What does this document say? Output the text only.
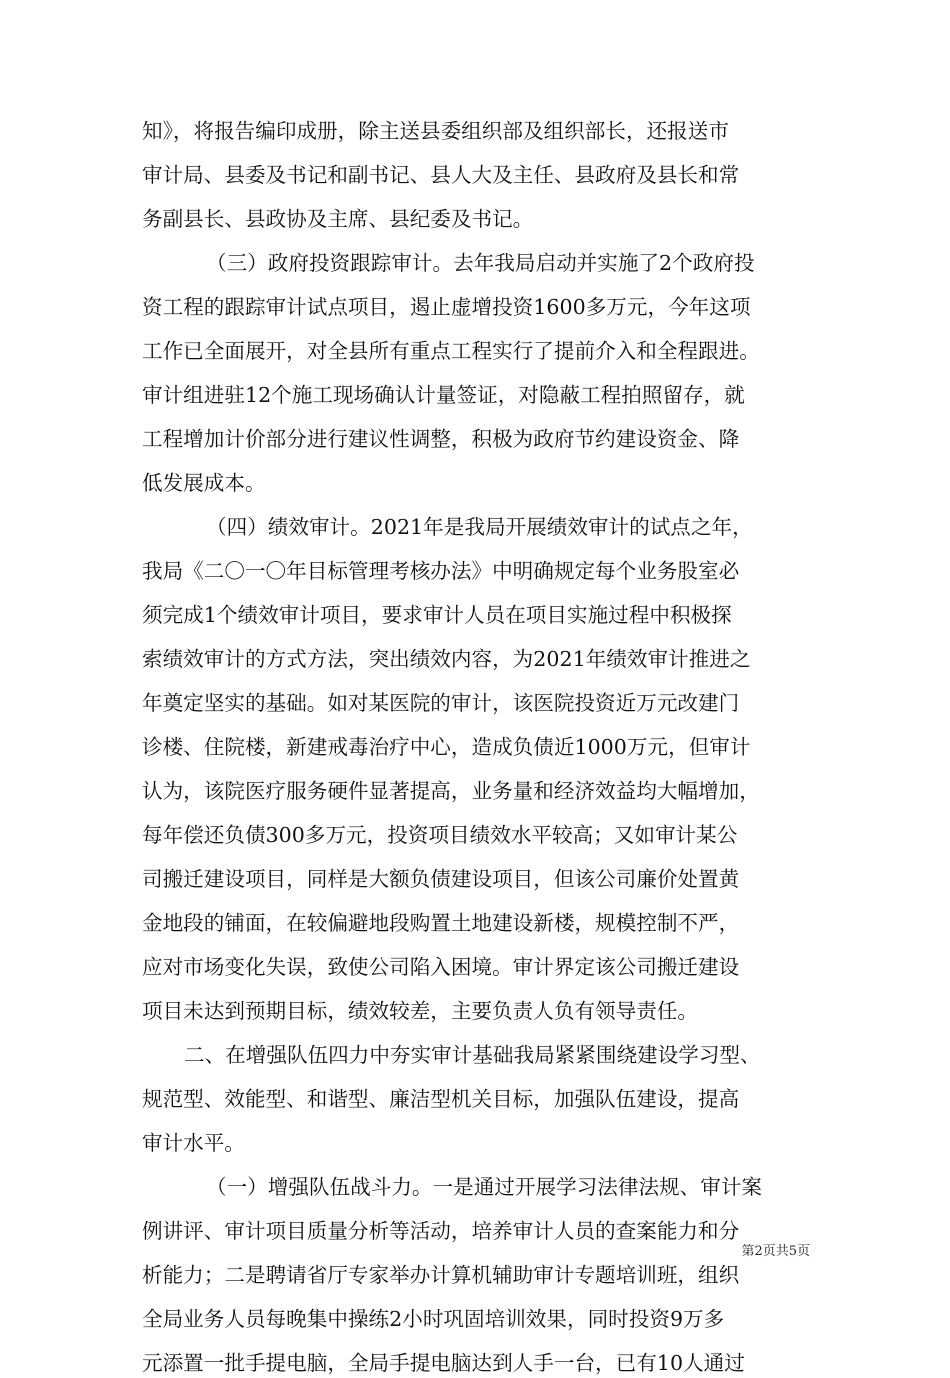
知》，将报告编印成册，除主送县委组织部及组织部长，还报送市
审计局、县委及书记和副书记、县人大及主任、县政府及县长和常
务副县长、县政协及主席、县纪委及书记。
（三）政府投资跟踪审计。去年我局启动并实施了2个政府投
资工程的跟踪审计试点项目，遏止虚增投资1600多万元，今年这项
工作已全面展开，对全县所有重点工程实行了提前介入和全程跟进。
审计组进驻12个施工现场确认计量签证，对隐蔽工程拍照留存，就
工程增加计价部分进行建议性调整，积极为政府节约建设资金、降
低发展成本。
（四）绩效审计。2021年是我局开展绩效审计的试点之年，
我局《二〇一〇年目标管理考核办法》中明确规定每个业务股室必
须完成1个绩效审计项目，要求审计人员在项目实施过程中积极探
索绩效审计的方式方法，突出绩效内容，为2021年绩效审计推进之
年奠定坚实的基础。如对某医院的审计，该医院投资近万元改建门
诊楼、住院楼，新建戒毒治疗中心，造成负债近1000万元，但审计
认为，该院医疗服务硬件显著提高，业务量和经济效益均大幅增加，
每年偿还负债300多万元，投资项目绩效水平较高；又如审计某公
司搬迁建设项目，同样是大额负债建设项目，但该公司廉价处置黄
金地段的铺面，在较偏避地段购置土地建设新楼，规模控制不严，
应对市场变化失误，致使公司陷入困境。审计界定该公司搬迁建设
项目未达到预期目标，绩效较差，主要负责人负有领导责任。
二、在增强队伍四力中夯实审计基础我局紧紧围绕建设学习型、
规范型、效能型、和谐型、廉洁型机关目标，加强队伍建设，提高
审计水平。
（一）增强队伍战斗力。一是通过开展学习法律法规、审计案
例讲评、审计项目质量分析等活动，培养审计人员的查案能力和分
析能力；二是聘请省厅专家举办计算机辅助审计专题培训班，组织
全局业务人员每晚集中操练2小时巩固培训效果，同时投资9万多
元添置一批手提电脑，全局手提电脑达到人手一台，已有10人通过
第2页共5页
